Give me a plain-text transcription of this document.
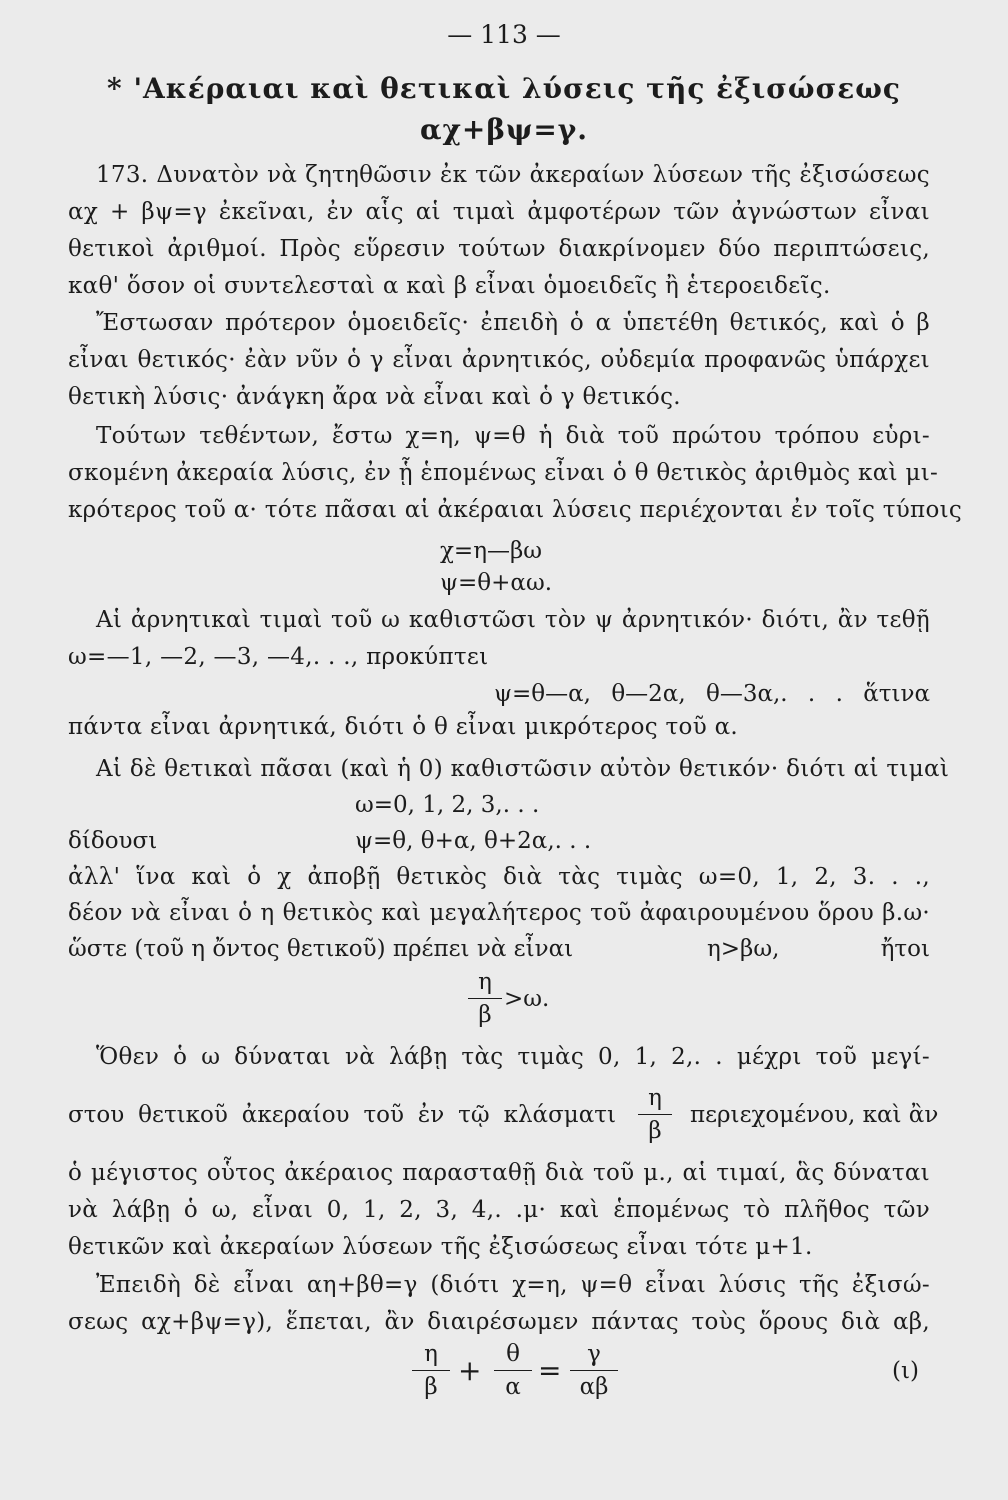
— 113 —
* 'Ακέραιαι καὶ θετικαὶ λύσεις τῆς ἐξισώσεως
αχ+βψ=γ.
173. Δυνατὸν νὰ ζητηθῶσιν ἐκ τῶν ἀκεραίων λύσεων τῆς ἐξισώσεως
αχ + βψ=γ ἐκεῖναι, ἐν αἷς αἱ τιμαὶ ἀμφοτέρων τῶν ἀγνώστων εἶναι
θετικοὶ ἀριθμοί. Πρὸς εὕρεσιν τούτων διακρίνομεν δύο περιπτώσεις,
καθ' ὅσον οἱ συντελεσταὶ α καὶ β εἶναι ὁμοειδεῖς ἢ ἑτεροειδεῖς.
Ἔστωσαν πρότερον ὁμοειδεῖς· ἐπειδὴ ὁ α ὑπετέθη θετικός, καὶ ὁ β
εἶναι θετικός· ἐὰν νῦν ὁ γ εἶναι ἀρνητικός, οὐδεμία προφανῶς ὑπάρχει
θετικὴ λύσις· ἀνάγκη ἄρα νὰ εἶναι καὶ ὁ γ θετικός.
Τούτων τεθέντων, ἔστω χ=η, ψ=θ ἡ διὰ τοῦ πρώτου τρόπου εὑρι-
σκομένη ἀκεραία λύσις, ἐν ᾗ ἑπομένως εἶναι ὁ θ θετικὸς ἀριθμὸς καὶ μι-
κρότερος τοῦ α· τότε πᾶσαι αἱ ἀκέραιαι λύσεις περιέχονται ἐν τοῖς τύποις
χ=η—βω
ψ=θ+αω.
Αἱ ἀρνητικαὶ τιμαὶ τοῦ ω καθιστῶσι τὸν ψ ἀρνητικόν· διότι, ἂν τεθῇ
ω=—1, —2, —3, —4,. . ., προκύπτει
ψ=θ—α, θ—2α, θ—3α,. . . ἅτινα
πάντα εἶναι ἀρνητικά, διότι ὁ θ εἶναι μικρότερος τοῦ α.
Αἱ δὲ θετικαὶ πᾶσαι (καὶ ἡ 0) καθιστῶσιν αὐτὸν θετικόν· διότι αἱ τιμαὶ
ω=0, 1, 2, 3,. . .
δίδουσι	ψ=θ, θ+α, θ+2α,. . .
ἀλλ' ἵνα καὶ ὁ χ ἀποβῇ θετικὸς διὰ τὰς τιμὰς ω=0, 1, 2, 3. . .,
δέον νὰ εἶναι ὁ η θετικὸς καὶ μεγαλήτερος τοῦ ἀφαιρουμένου ὅρου β.ω·
ὥστε (τοῦ η ὄντος θετικοῦ) πρέπει νὰ εἶναι	η>βω, ἤτοι
η
β
>ω.
Ὅθεν ὁ ω δύναται νὰ λάβῃ τὰς τιμὰς 0, 1, 2,. . μέχρι τοῦ μεγί-
στου θετικοῦ ἀκεραίου τοῦ ἐν τῷ κλάσματι
η
β
περιεχομένου, καὶ ἂν
ὁ μέγιστος οὗτος ἀκέραιος παρασταθῇ διὰ τοῦ μ., αἱ τιμαί, ἃς δύναται
νὰ λάβῃ ὁ ω, εἶναι 0, 1, 2, 3, 4,. .μ· καὶ ἑπομένως τὸ πλῆθος τῶν
θετικῶν καὶ ἀκεραίων λύσεων τῆς ἐξισώσεως εἶναι τότε μ+1.
Ἐπειδὴ δὲ εἶναι αη+βθ=γ (διότι χ=η, ψ=θ εἶναι λύσις τῆς ἐξισώ-
σεως αχ+βψ=γ), ἕπεται, ἂν διαιρέσωμεν πάντας τοὺς ὅρους διὰ αβ,
η
β +	θ
α =	γ
αβ
(ι)
